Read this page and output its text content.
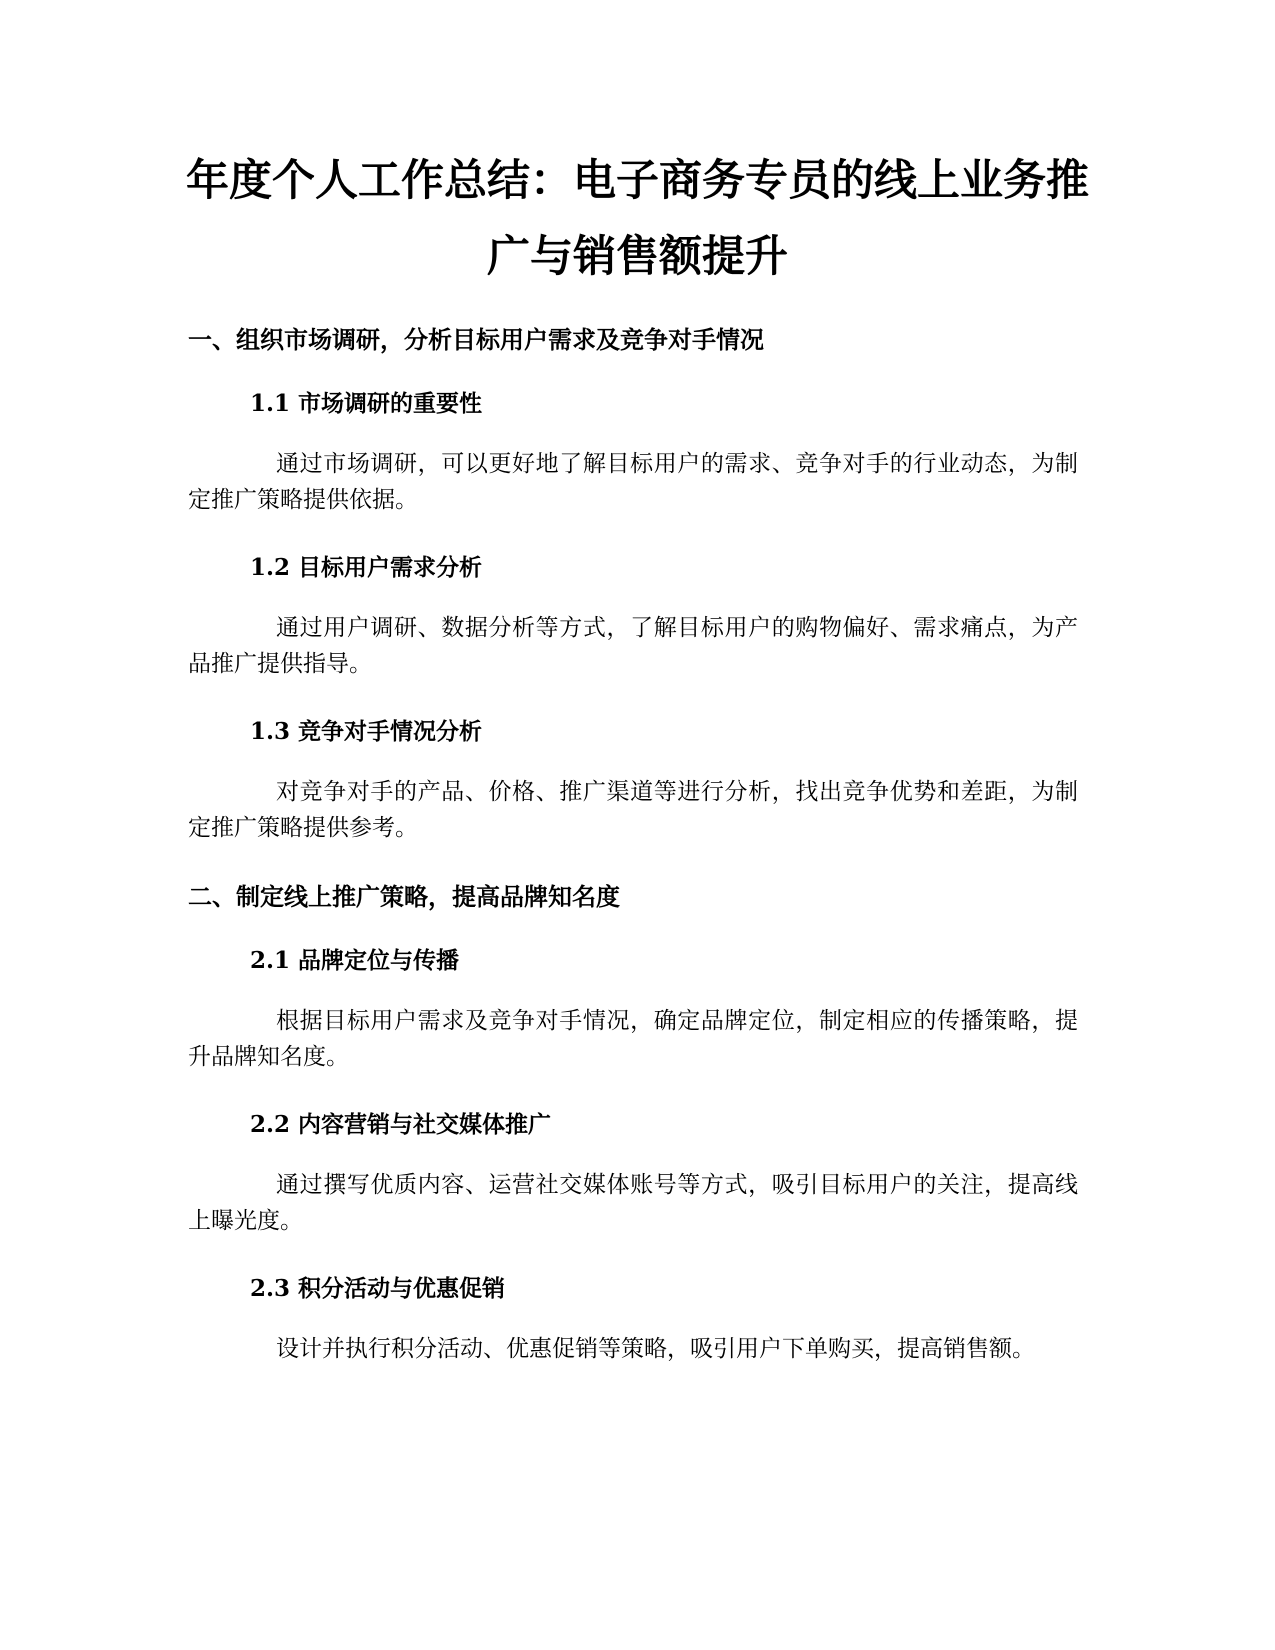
年度个人工作总结：电子商务专员的线上业务推广与销售额提升
一、组织市场调研，分析目标用户需求及竞争对手情况
1.1 市场调研的重要性

通过市场调研，可以更好地了解目标用户的需求、竞争对手的行业动态，为制定推广策略提供依据。

1.2 目标用户需求分析

通过用户调研、数据分析等方式，了解目标用户的购物偏好、需求痛点，为产品推广提供指导。

1.3 竞争对手情况分析

对竞争对手的产品、价格、推广渠道等进行分析，找出竞争优势和差距，为制定推广策略提供参考。

二、制定线上推广策略，提高品牌知名度
2.1 品牌定位与传播

根据目标用户需求及竞争对手情况，确定品牌定位，制定相应的传播策略，提升品牌知名度。

2.2 内容营销与社交媒体推广

通过撰写优质内容、运营社交媒体账号等方式，吸引目标用户的关注，提高线上曝光度。

2.3 积分活动与优惠促销

设计并执行积分活动、优惠促销等策略，吸引用户下单购买，提高销售额。
